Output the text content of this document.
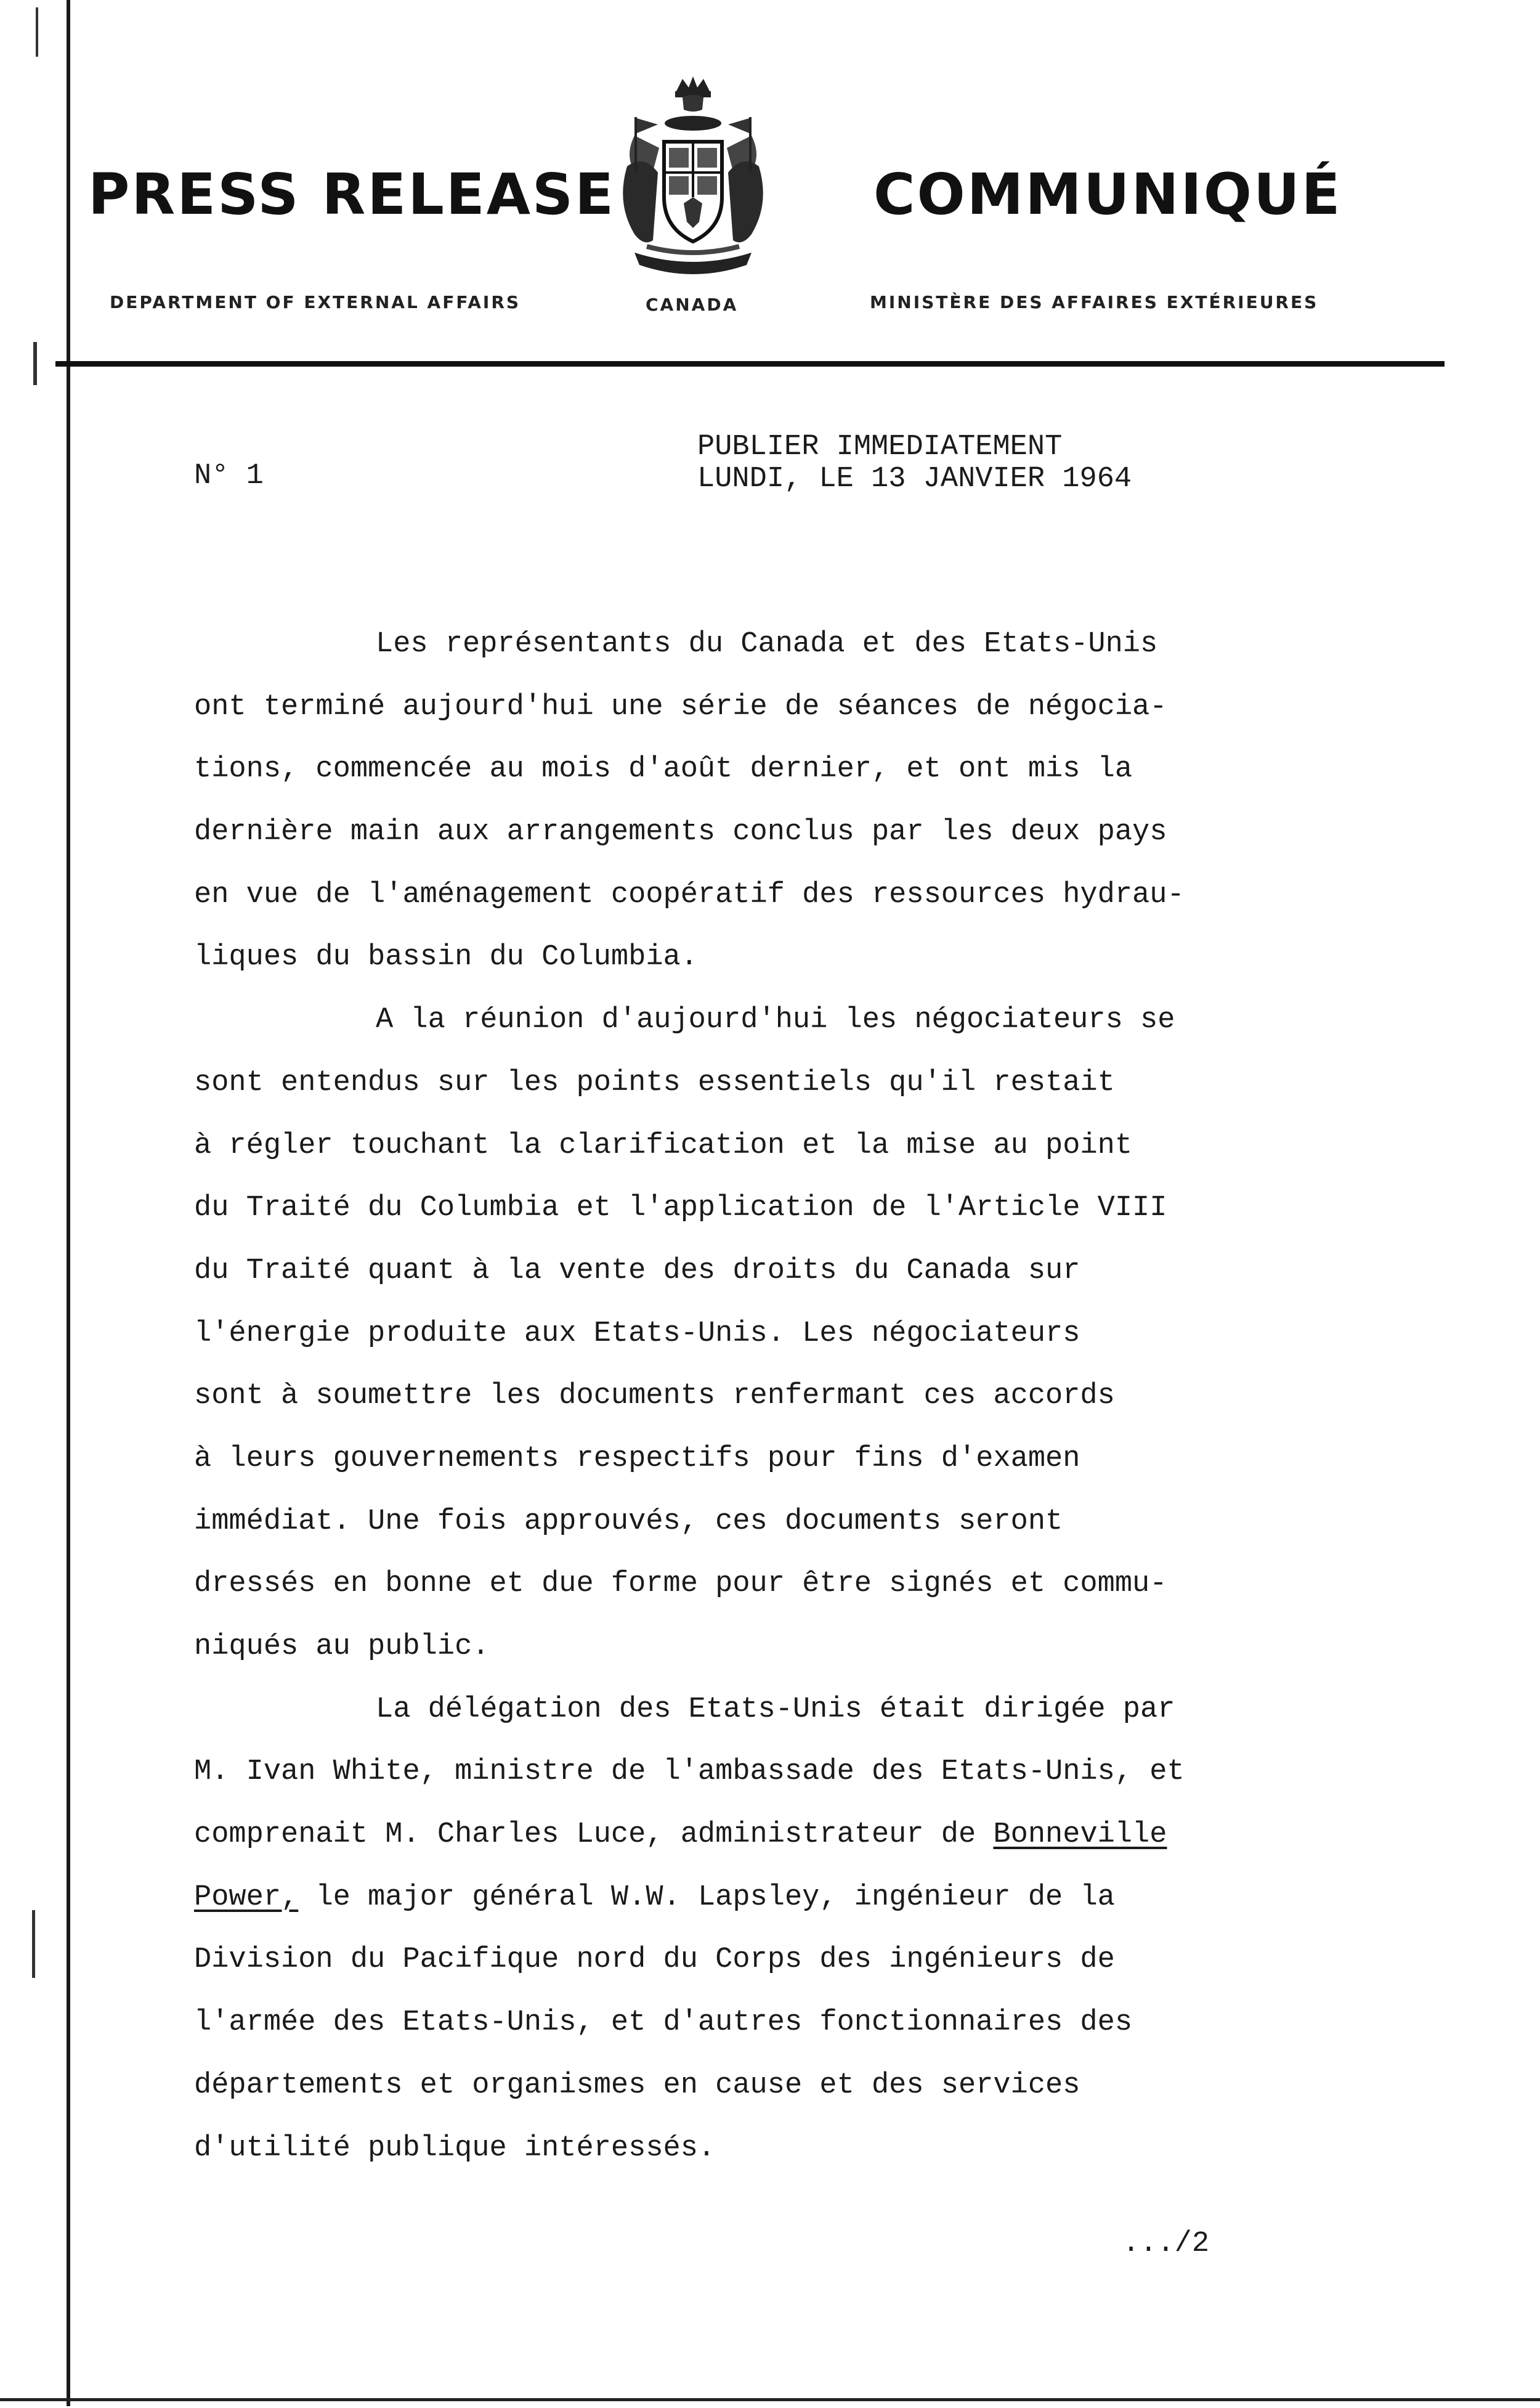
PRESS RELEASE	COMMUNIQUÉ
DEPARTMENT OF EXTERNAL AFFAIRS	CANADA	MINISTÈRE DES AFFAIRES EXTÉRIEURES
N° 1
PUBLIER IMMEDIATEMENT
LUNDI, LE 13 JANVIER 1964
Les représentants du Canada et des Etats-Unis
ont terminé aujourd'hui une série de séances de négocia-
tions, commencée au mois d'août dernier, et ont mis la
dernière main aux arrangements conclus par les deux pays
en vue de l'aménagement coopératif des ressources hydrau-
liques du bassin du Columbia.
A la réunion d'aujourd'hui les négociateurs se
sont entendus sur les points essentiels qu'il restait
à régler touchant la clarification et la mise au point
du Traité du Columbia et l'application de l'Article VIII
du Traité quant à la vente des droits du Canada sur
l'énergie produite aux Etats-Unis. Les négociateurs
sont à soumettre les documents renfermant ces accords
à leurs gouvernements respectifs pour fins d'examen
immédiat. Une fois approuvés, ces documents seront
dressés en bonne et due forme pour être signés et commu-
niqués au public.
La délégation des Etats-Unis était dirigée par
M. Ivan White, ministre de l'ambassade des Etats-Unis, et
comprenait M. Charles Luce, administrateur de Bonneville
Power, le major général W.W. Lapsley, ingénieur de la
Division du Pacifique nord du Corps des ingénieurs de
l'armée des Etats-Unis, et d'autres fonctionnaires des
départements et organismes en cause et des services
d'utilité publique intéressés.
.../2
